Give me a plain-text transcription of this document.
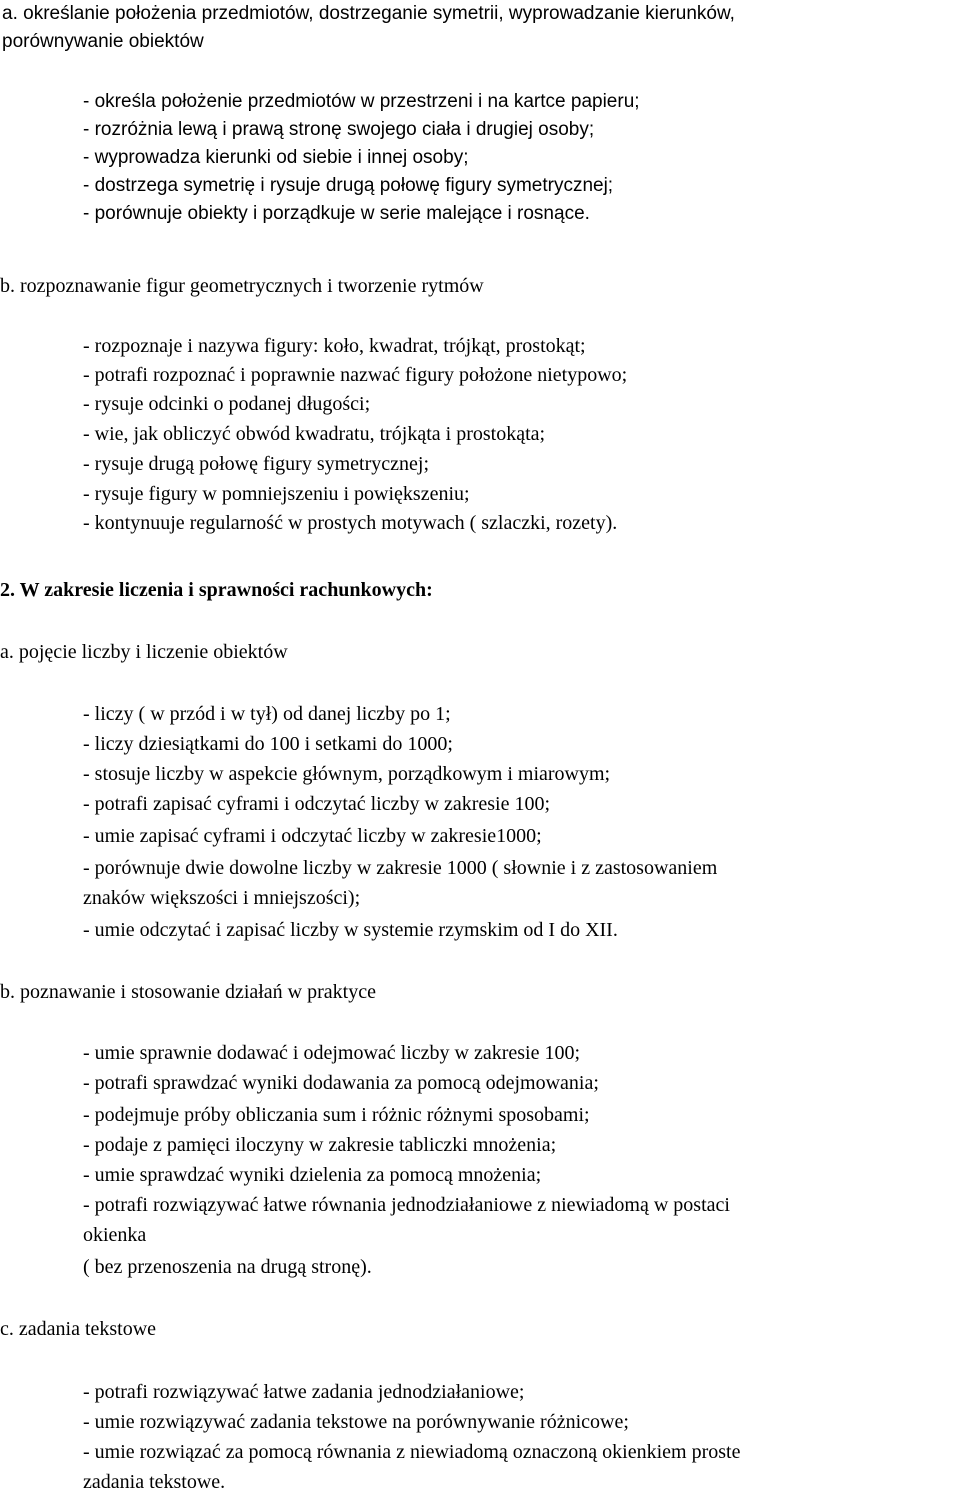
a. określanie położenia przedmiotów, dostrzeganie symetrii, wyprowadzanie kierunków,
porównywanie obiektów
- określa położenie przedmiotów w przestrzeni i na kartce papieru;
- rozróżnia lewą i prawą stronę swojego ciała i drugiej osoby;
- wyprowadza kierunki od siebie i innej osoby;
- dostrzega symetrię i rysuje drugą połowę figury symetrycznej;
- porównuje obiekty i porządkuje w serie malejące i rosnące.
b. rozpoznawanie figur geometrycznych i tworzenie rytmów
- rozpoznaje i nazywa figury: koło, kwadrat, trójkąt, prostokąt;
- potrafi rozpoznać i poprawnie nazwać figury położone nietypowo;
- rysuje odcinki o podanej długości;
- wie, jak obliczyć obwód kwadratu, trójkąta i prostokąta;
- rysuje drugą połowę figury symetrycznej;
- rysuje figury w pomniejszeniu i powiększeniu;
- kontynuuje regularność w prostych motywach ( szlaczki, rozety).
2. W zakresie liczenia i sprawności rachunkowych:
a. pojęcie liczby i liczenie obiektów
- liczy ( w przód i w tył) od danej liczby po 1;
- liczy dziesiątkami do 100 i setkami do 1000;
- stosuje liczby w aspekcie głównym, porządkowym i miarowym;
- potrafi zapisać cyframi i odczytać liczby w zakresie 100;
- umie zapisać cyframi i odczytać liczby w zakresie1000;
- porównuje dwie dowolne liczby w zakresie 1000 ( słownie i z zastosowaniem
znaków większości i mniejszości);
- umie odczytać i zapisać liczby w systemie rzymskim od I do XII.
b. poznawanie i stosowanie działań w praktyce
- umie sprawnie dodawać i odejmować liczby w zakresie 100;
- potrafi sprawdzać wyniki dodawania za pomocą odejmowania;
- podejmuje próby obliczania sum i różnic różnymi sposobami;
- podaje z pamięci iloczyny w zakresie tabliczki mnożenia;
- umie sprawdzać wyniki dzielenia za pomocą mnożenia;
- potrafi rozwiązywać łatwe równania jednodziałaniowe z niewiadomą w postaci
okienka
( bez przenoszenia na drugą stronę).
c. zadania tekstowe
- potrafi rozwiązywać łatwe zadania jednodziałaniowe;
- umie rozwiązywać zadania tekstowe na porównywanie różnicowe;
- umie rozwiązać za pomocą równania z niewiadomą oznaczoną okienkiem proste
zadania tekstowe.
